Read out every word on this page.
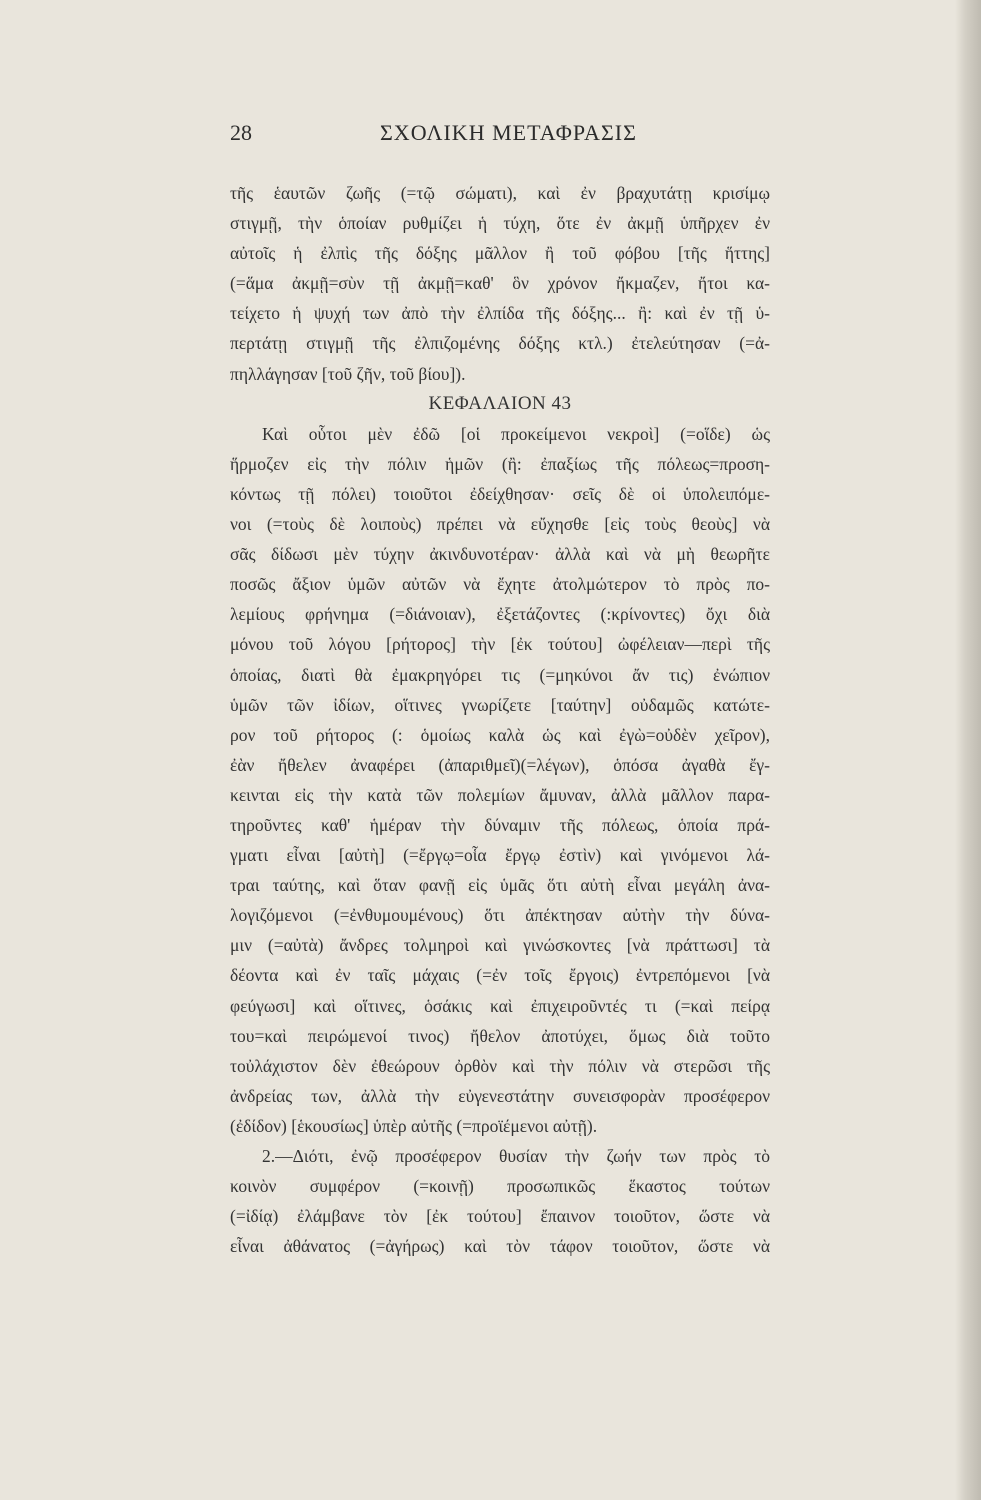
28	ΣΧΟΛΙΚΗ ΜΕΤΑΦΡΑΣΙΣ
τῆς ἑαυτῶν ζωῆς (=τῷ σώματι), καὶ ἐν βραχυτάτῃ κρισίμῳ
στιγμῇ, τὴν ὁποίαν ρυθμίζει ἡ τύχη, ὅτε ἐν ἀκμῇ ὑπῆρχεν ἐν
αὐτοῖς ἡ ἐλπὶς τῆς δόξης μᾶλλον ἢ τοῦ φόβου [τῆς ἥττης]
(=ἅμα ἀκμῇ=σὺν τῇ ἀκμῇ=καθ' ὃν χρόνον ἤκμαζεν, ἤτοι κα-
τείχετο ἡ ψυχή των ἀπὸ τὴν ἐλπίδα τῆς δόξης... ἢ: καὶ ἐν τῇ ὑ-
περτάτῃ στιγμῇ τῆς ἐλπιζομένης δόξης κτλ.) ἐτελεύτησαν (=ἀ-
πηλλάγησαν [τοῦ ζῆν, τοῦ βίου]).
ΚΕΦΑΛΑΙΟΝ 43
Καὶ οὗτοι μὲν ἐδῶ [οἱ προκείμενοι νεκροὶ] (=οἵδε) ὡς
ἥρμοζεν εἰς τὴν πόλιν ἡμῶν (ἢ: ἐπαξίως τῆς πόλεως=προση-
κόντως τῇ πόλει) τοιοῦτοι ἐδείχθησαν· σεῖς δὲ οἱ ὑπολειπόμε-
νοι (=τοὺς δὲ λοιποὺς) πρέπει νὰ εὔχησθε [εἰς τοὺς θεοὺς] νὰ
σᾶς δίδωσι μὲν τύχην ἀκινδυνοτέραν· ἀλλὰ καὶ νὰ μὴ θεωρῆτε
ποσῶς ἄξιον ὑμῶν αὐτῶν νὰ ἔχητε ἀτολμώτερον τὸ πρὸς πο-
λεμίους φρήνημα (=διάνοιαν), ἐξετάζοντες (:κρίνοντες) ὄχι διὰ
μόνου τοῦ λόγου [ρήτορος] τὴν [ἐκ τούτου] ὠφέλειαν—περὶ τῆς
ὁποίας, διατὶ θὰ ἐμακρηγόρει τις (=μηκύνοι ἄν τις) ἐνώπιον
ὑμῶν τῶν ἰδίων, οἵτινες γνωρίζετε [ταύτην] οὐδαμῶς κατώτε-
ρον τοῦ ρήτορος (: ὁμοίως καλὰ ὡς καὶ ἐγὼ=οὐδὲν χεῖρον),
ἐὰν ἤθελεν ἀναφέρει (ἀπαριθμεῖ)(=λέγων), ὁπόσα ἀγαθὰ ἔγ-
κεινται εἰς τὴν κατὰ τῶν πολεμίων ἄμυναν, ἀλλὰ μᾶλλον παρα-
τηροῦντες καθ' ἡμέραν τὴν δύναμιν τῆς πόλεως, ὁποία πρά-
γματι εἶναι [αὐτὴ] (=ἔργῳ=οἷα ἔργῳ ἐστὶν) καὶ γινόμενοι λά-
τραι ταύτης, καὶ ὅταν φανῇ εἰς ὑμᾶς ὅτι αὐτὴ εἶναι μεγάλη ἀνα-
λογιζόμενοι (=ἐνθυμουμένους) ὅτι ἀπέκτησαν αὐτὴν τὴν δύνα-
μιν (=αὐτὰ) ἄνδρες τολμηροὶ καὶ γινώσκοντες [νὰ πράττωσι] τὰ
δέοντα καὶ ἐν ταῖς μάχαις (=ἐν τοῖς ἔργοις) ἐντρεπόμενοι [νὰ
φεύγωσι] καὶ οἵτινες, ὁσάκις καὶ ἐπιχειροῦντές τι (=καὶ πείρᾳ
του=καὶ πειρώμενοί τινος) ἤθελον ἀποτύχει, ὅμως διὰ τοῦτο
τοὐλάχιστον δὲν ἐθεώρουν ὀρθὸν καὶ τὴν πόλιν νὰ στερῶσι τῆς
ἀνδρείας των, ἀλλὰ τὴν εὐγενεστάτην συνεισφορὰν προσέφερον
(ἐδίδον) [ἑκουσίως] ὑπὲρ αὐτῆς (=προϊέμενοι αὐτῇ).
2.—Διότι, ἐνῷ προσέφερον θυσίαν τὴν ζωήν των πρὸς τὸ
κοινὸν συμφέρον (=κοινῇ) προσωπικῶς ἕκαστος τούτων
(=ἰδίᾳ) ἐλάμβανε τὸν [ἐκ τούτου] ἔπαινον τοιοῦτον, ὥστε νὰ
εἶναι ἀθάνατος (=ἀγήρως) καὶ τὸν τάφον τοιοῦτον, ὥστε νὰ
